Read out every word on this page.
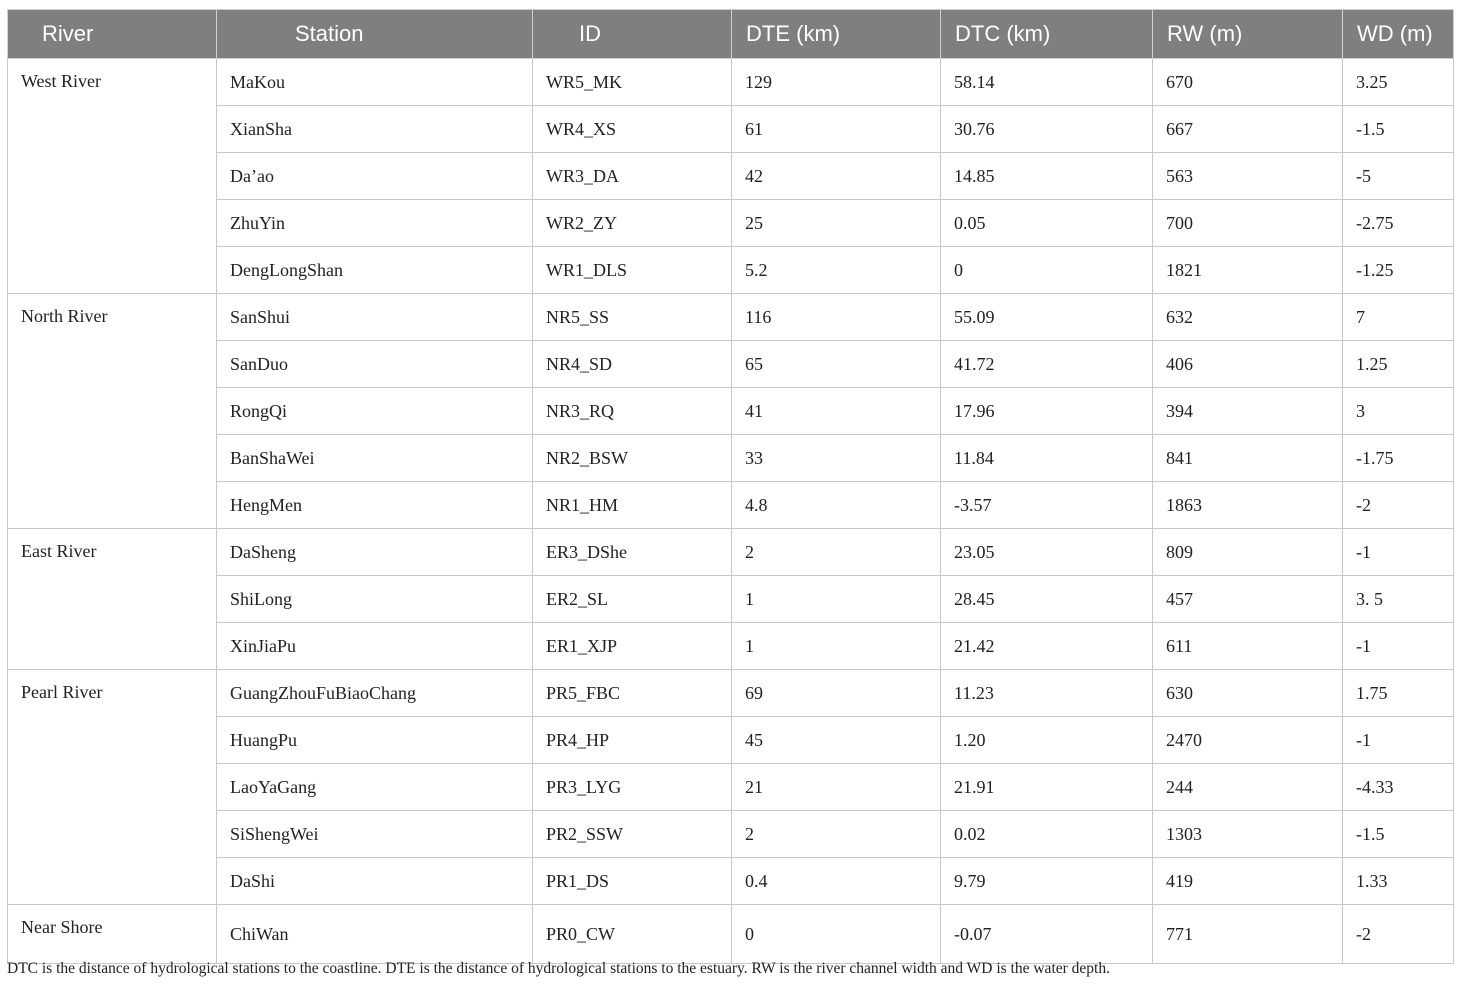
River	Station	ID	DTE (km)	DTC (km)	RW (m)	WD (m)
West River	MaKou	WR5_MK	129	58.14	670	3.25
	XianSha	WR4_XS	61	30.76	667	-1.5
	Da’ao	WR3_DA	42	14.85	563	-5
	ZhuYin	WR2_ZY	25	0.05	700	-2.75
	DengLongShan	WR1_DLS	5.2	0	1821	-1.25
North River	SanShui	NR5_SS	116	55.09	632	7
	SanDuo	NR4_SD	65	41.72	406	1.25
	RongQi	NR3_RQ	41	17.96	394	3
	BanShaWei	NR2_BSW	33	11.84	841	-1.75
	HengMen	NR1_HM	4.8	-3.57	1863	-2
East River	DaSheng	ER3_DShe	2	23.05	809	-1
	ShiLong	ER2_SL	1	28.45	457	3. 5
	XinJiaPu	ER1_XJP	1	21.42	611	-1
Pearl River	GuangZhouFuBiaoChang	PR5_FBC	69	11.23	630	1.75
	HuangPu	PR4_HP	45	1.20	2470	-1
	LaoYaGang	PR3_LYG	21	21.91	244	-4.33
	SiShengWei	PR2_SSW	2	0.02	1303	-1.5
	DaShi	PR1_DS	0.4	9.79	419	1.33
Near Shore	ChiWan	PR0_CW	0	-0.07	771	-2
DTC is the distance of hydrological stations to the coastline. DTE is the distance of hydrological stations to the estuary. RW is the river channel width and WD is the water depth.
